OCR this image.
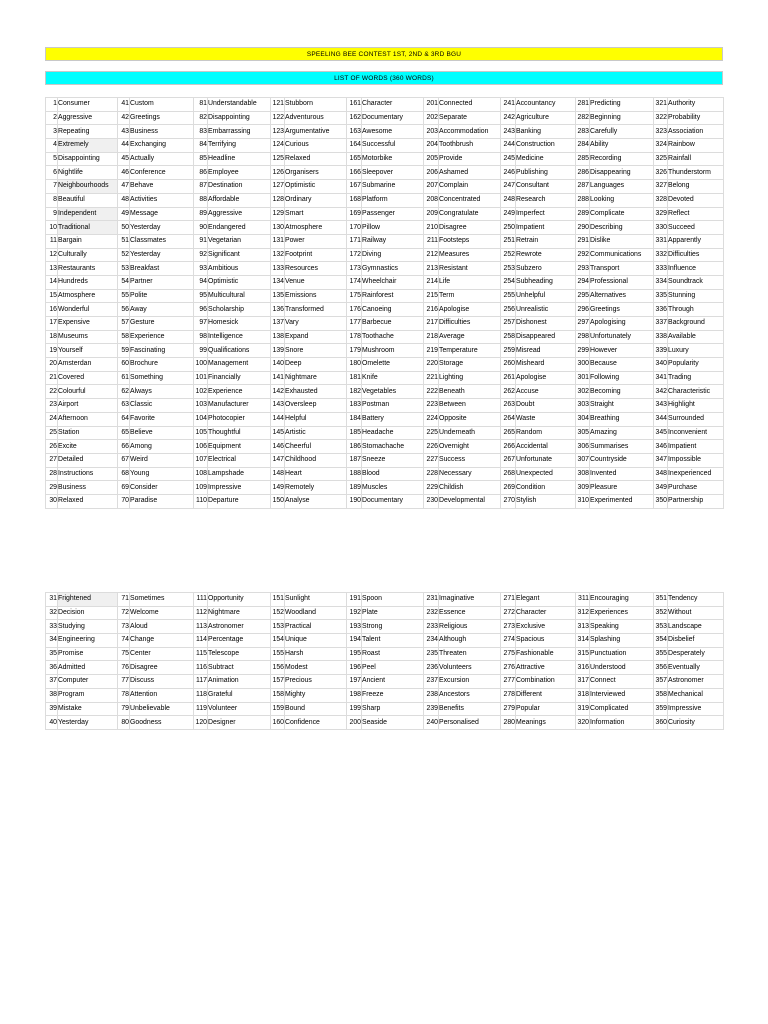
SPEELING BEE CONTEST 1ST, 2ND & 3RD BGU
LIST OF WORDS (360 WORDS)
1	Consumer	41	Custom	81	Understandable	121	Stubborn	161	Character	201	Connected	241	Accountancy	281	Predicting	321	Authority
2	Aggressive	42	Greetings	82	Disappointing	122	Adventurous	162	Documentary	202	Separate	242	Agriculture	282	Beginning	322	Probability
3	Repeating	43	Business	83	Embarrassing	123	Argumentative	163	Awesome	203	Accommodation	243	Banking	283	Carefully	323	Association
4	Extremely	44	Exchanging	84	Terrifying	124	Curious	164	Successful	204	Toothbrush	244	Construction	284	Ability	324	Rainbow
5	Disappointing	45	Actually	85	Headline	125	Relaxed	165	Motorbike	205	Provide	245	Medicine	285	Recording	325	Rainfall
6	Nightlife	46	Conference	86	Employee	126	Organisers	166	Sleepover	206	Ashamed	246	Publishing	286	Disappearing	326	Thunderstorm
7	Neighbourhoods	47	Behave	87	Destination	127	Optimistic	167	Submarine	207	Complain	247	Consultant	287	Languages	327	Belong
8	Beautiful	48	Activities	88	Affordable	128	Ordinary	168	Platform	208	Concentrated	248	Research	288	Looking	328	Devoted
9	Independent	49	Message	89	Aggressive	129	Smart	169	Passenger	209	Congratulate	249	Imperfect	289	Complicate	329	Reflect
10	Traditional	50	Yesterday	90	Endangered	130	Atmosphere	170	Pillow	210	Disagree	250	Impatient	290	Describing	330	Succeed
11	Bargain	51	Classmates	91	Vegetarian	131	Power	171	Railway	211	Footsteps	251	Retrain	291	Dislike	331	Apparently
12	Culturally	52	Yesterday	92	Significant	132	Footprint	172	Diving	212	Measures	252	Rewrote	292	Communications	332	Difficulties
13	Restaurants	53	Breakfast	93	Ambitious	133	Resources	173	Gymnastics	213	Resistant	253	Subzero	293	Transport	333	Influence
14	Hundreds	54	Partner	94	Optimistic	134	Venue	174	Wheelchair	214	Life	254	Subheading	294	Professional	334	Soundtrack
15	Atmosphere	55	Polite	95	Multicultural	135	Emissions	175	Rainforest	215	Term	255	Unhelpful	295	Alternatives	335	Stunning
16	Wonderful	56	Away	96	Scholarship	136	Transformed	176	Canoeing	216	Apologise	256	Unrealistic	296	Greetings	336	Through
17	Expensive	57	Gesture	97	Homesick	137	Vary	177	Barbecue	217	Difficulties	257	Dishonest	297	Apologising	337	Background
18	Museums	58	Experience	98	Intelligence	138	Expand	178	Toothache	218	Average	258	Disappeared	298	Unfortunately	338	Available
19	Yourself	59	Fascinating	99	Qualifications	139	Snore	179	Mushroom	219	Temperature	259	Misread	299	However	339	Luxury
20	Amsterdan	60	Brochure	100	Management	140	Deep	180	Omelette	220	Storage	260	Misheard	300	Because	340	Popularity
21	Covered	61	Something	101	Financially	141	Nightmare	181	Knife	221	Lighting	261	Apologise	301	Following	341	Trading
22	Colourful	62	Always	102	Experience	142	Exhausted	182	Vegetables	222	Beneath	262	Accuse	302	Becoming	342	Characteristic
23	Airport	63	Classic	103	Manufacturer	143	Oversleep	183	Postman	223	Between	263	Doubt	303	Straight	343	Highlight
24	Afternoon	64	Favorite	104	Photocopier	144	Helpful	184	Battery	224	Opposite	264	Waste	304	Breathing	344	Surrounded
25	Station	65	Believe	105	Thoughtful	145	Artistic	185	Headache	225	Underneath	265	Random	305	Amazing	345	Inconvenient
26	Excite	66	Among	106	Equipment	146	Cheerful	186	Stomachache	226	Overnight	266	Accidental	306	Summarises	346	Impatient
27	Detailed	67	Weird	107	Electrical	147	Childhood	187	Sneeze	227	Success	267	Unfortunate	307	Countryside	347	Impossible
28	Instructions	68	Young	108	Lampshade	148	Heart	188	Blood	228	Necessary	268	Unexpected	308	Invented	348	Inexperienced
29	Business	69	Consider	109	Impressive	149	Remotely	189	Muscles	229	Childish	269	Condition	309	Pleasure	349	Purchase
30	Relaxed	70	Paradise	110	Departure	150	Analyse	190	Documentary	230	Developmental	270	Stylish	310	Experimented	350	Partnership
31	Frightened	71	Sometimes	111	Opportunity	151	Sunlight	191	Spoon	231	Imaginative	271	Elegant	311	Encouraging	351	Tendency
32	Decision	72	Welcome	112	Nightmare	152	Woodland	192	Plate	232	Essence	272	Character	312	Experiences	352	Without
33	Studying	73	Aloud	113	Astronomer	153	Practical	193	Strong	233	Religious	273	Exclusive	313	Speaking	353	Landscape
34	Engineering	74	Change	114	Percentage	154	Unique	194	Talent	234	Although	274	Spacious	314	Splashing	354	Disbelief
35	Promise	75	Center	115	Telescope	155	Harsh	195	Roast	235	Threaten	275	Fashionable	315	Punctuation	355	Desperately
36	Admitted	76	Disagree	116	Subtract	156	Modest	196	Peel	236	Volunteers	276	Attractive	316	Understood	356	Eventually
37	Computer	77	Discuss	117	Animation	157	Precious	197	Ancient	237	Excursion	277	Combination	317	Connect	357	Astronomer
38	Program	78	Attention	118	Grateful	158	Mighty	198	Freeze	238	Ancestors	278	Different	318	Interviewed	358	Mechanical
39	Mistake	79	Unbelievable	119	Volunteer	159	Bound	199	Sharp	239	Benefits	279	Popular	319	Complicated	359	Impressive
40	Yesterday	80	Goodness	120	Designer	160	Confidence	200	Seaside	240	Personalised	280	Meanings	320	Information	360	Curiosity
